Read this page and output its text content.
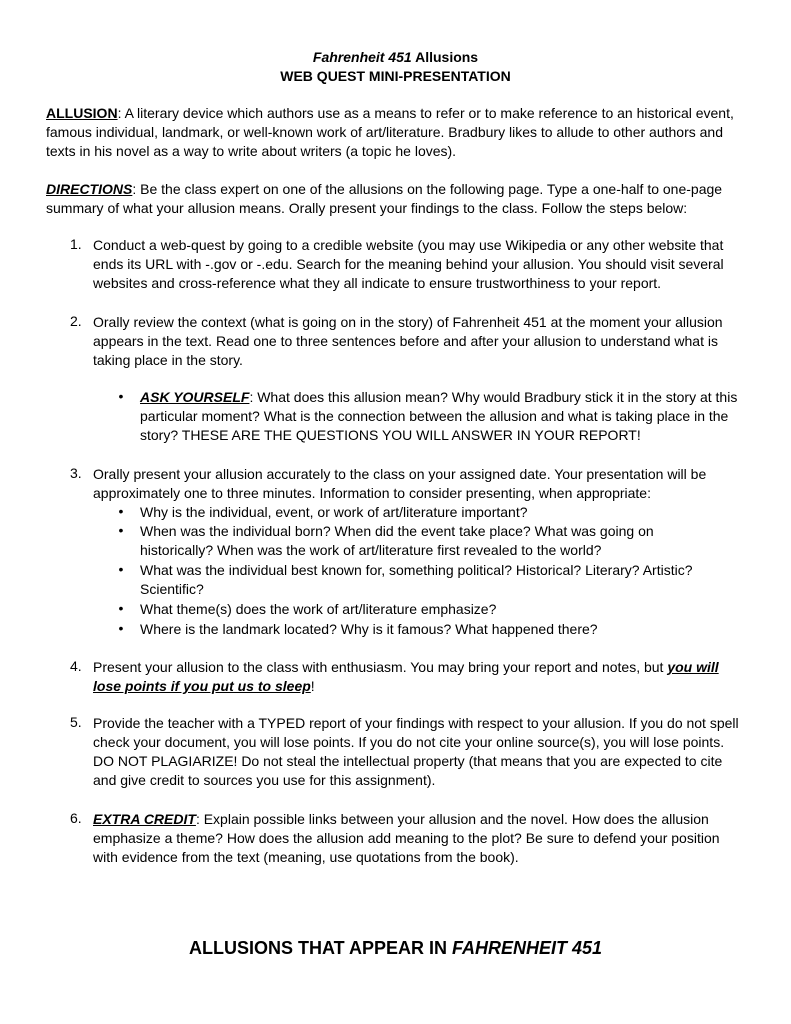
Fahrenheit 451 Allusions
WEB QUEST MINI-PRESENTATION
ALLUSION: A literary device which authors use as a means to refer or to make reference to an historical event, famous individual, landmark, or well-known work of art/literature. Bradbury likes to allude to other authors and texts in his novel as a way to write about writers (a topic he loves).
DIRECTIONS: Be the class expert on one of the allusions on the following page. Type a one-half to one-page summary of what your allusion means. Orally present your findings to the class. Follow the steps below:
1. Conduct a web-quest by going to a credible website (you may use Wikipedia or any other website that ends its URL with -.gov or -.edu. Search for the meaning behind your allusion. You should visit several websites and cross-reference what they all indicate to ensure trustworthiness to your report.
2. Orally review the context (what is going on in the story) of Fahrenheit 451 at the moment your allusion appears in the text. Read one to three sentences before and after your allusion to understand what is taking place in the story.
• ASK YOURSELF: What does this allusion mean? Why would Bradbury stick it in the story at this particular moment? What is the connection between the allusion and what is taking place in the story? THESE ARE THE QUESTIONS YOU WILL ANSWER IN YOUR REPORT!
3. Orally present your allusion accurately to the class on your assigned date. Your presentation will be approximately one to three minutes. Information to consider presenting, when appropriate:
• Why is the individual, event, or work of art/literature important?
• When was the individual born? When did the event take place? What was going on historically? When was the work of art/literature first revealed to the world?
• What was the individual best known for, something political? Historical? Literary? Artistic? Scientific?
• What theme(s) does the work of art/literature emphasize?
• Where is the landmark located? Why is it famous? What happened there?
4. Present your allusion to the class with enthusiasm. You may bring your report and notes, but you will lose points if you put us to sleep!
5. Provide the teacher with a TYPED report of your findings with respect to your allusion. If you do not spell check your document, you will lose points. If you do not cite your online source(s), you will lose points. DO NOT PLAGIARIZE! Do not steal the intellectual property (that means that you are expected to cite and give credit to sources you use for this assignment).
6. EXTRA CREDIT: Explain possible links between your allusion and the novel. How does the allusion emphasize a theme? How does the allusion add meaning to the plot? Be sure to defend your position with evidence from the text (meaning, use quotations from the book).
ALLUSIONS THAT APPEAR IN FAHRENHEIT 451
